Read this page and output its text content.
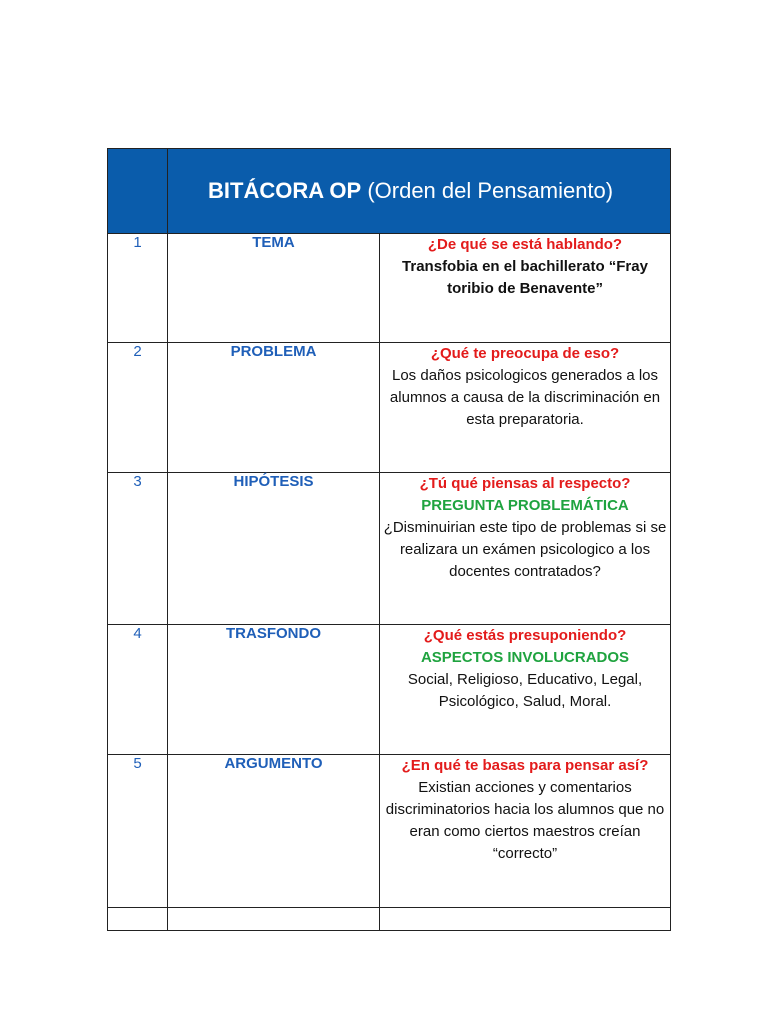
	BITÁCORA OP (Orden del Pensamiento)	

1	TEMA	¿De qué se está hablando?
Transfobia en el bachillerato “Fray toribio de Benavente”

2	PROBLEMA	¿Qué te preocupa de eso?
Los daños psicologicos generados a los alumnos a causa de la discriminación en esta preparatoria.

3	HIPÓTESIS	¿Tú qué piensas al respecto?
PREGUNTA PROBLEMÁTICA
¿Disminuirian este tipo de problemas si se realizara un exámen psicologico a los docentes contratados?

4	TRASFONDO	¿Qué estás presuponiendo?
ASPECTOS INVOLUCRADOS
Social, Religioso, Educativo, Legal, Psicológico, Salud, Moral.

5	ARGUMENTO	¿En qué te basas para pensar así?
Existian acciones y comentarios discriminatorios hacia los alumnos que no eran como ciertos maestros creían “correcto”
